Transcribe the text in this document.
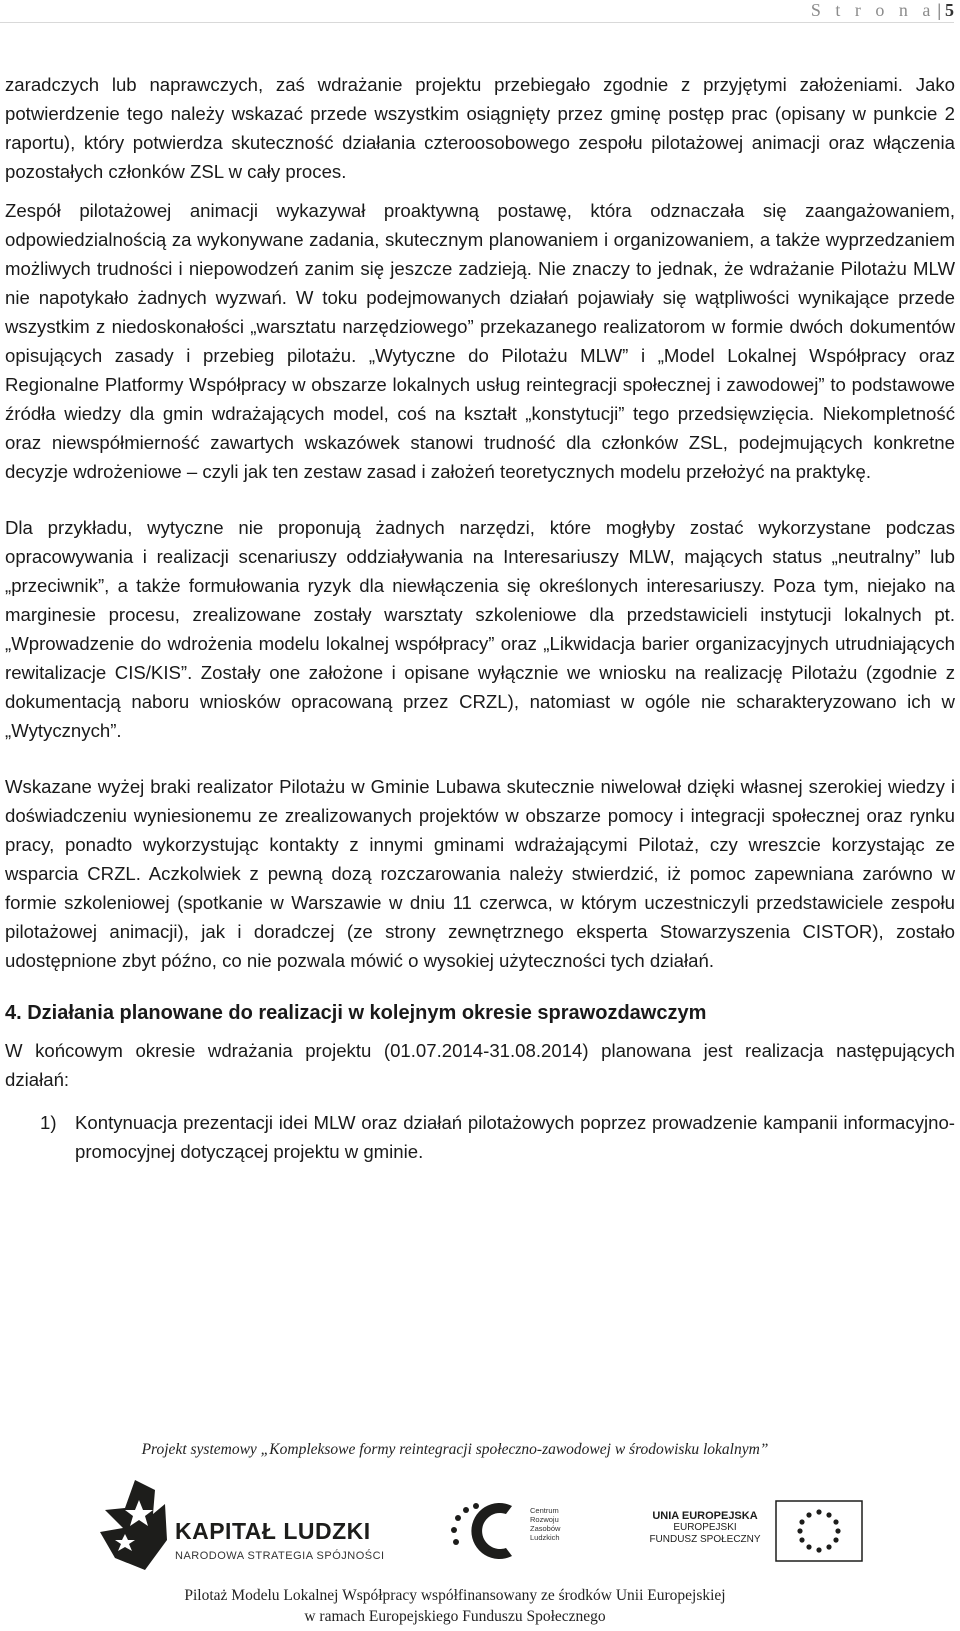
S t r o n a | 5

zaradczych lub naprawczych, zaś wdrażanie projektu przebiegało zgodnie z przyjętymi założeniami. Jako potwierdzenie tego należy wskazać przede wszystkim osiągnięty przez gminę postęp prac (opisany w punkcie 2 raportu), który potwierdza skuteczność działania czteroosobowego zespołu pilotażowej animacji oraz włączenia pozostałych członków ZSL w cały proces.

Zespół pilotażowej animacji wykazywał proaktywną postawę, która odznaczała się zaangażowaniem, odpowiedzialnością za wykonywane zadania, skutecznym planowaniem i organizowaniem, a także wyprzedzaniem możliwych trudności i niepowodzeń zanim się jeszcze zadzieją. Nie znaczy to jednak, że wdrażanie Pilotażu MLW nie napotykało żadnych wyzwań. W toku podejmowanych działań pojawiały się wątpliwości wynikające przede wszystkim z niedoskonałości „warsztatu narzędziowego” przekazanego realizatorom w formie dwóch dokumentów opisujących zasady i przebieg pilotażu. „Wytyczne do Pilotażu MLW” i „Model Lokalnej Współpracy oraz Regionalne Platformy Współpracy w obszarze lokalnych usług reintegracji społecznej i zawodowej” to podstawowe źródła wiedzy dla gmin wdrażających model, coś na kształt „konstytucji” tego przedsięwzięcia. Niekompletność oraz niewspółmierność zawartych wskazówek stanowi trudność dla członków ZSL, podejmujących konkretne decyzje wdrożeniowe – czyli jak ten zestaw zasad i założeń teoretycznych modelu przełożyć na praktykę.

Dla przykładu, wytyczne nie proponują żadnych narzędzi, które mogłyby zostać wykorzystane podczas opracowywania i realizacji scenariuszy oddziaływania na Interesariuszy MLW, mających status „neutralny” lub „przeciwnik”, a także formułowania ryzyk dla niewłączenia się określonych interesariuszy. Poza tym, niejako na marginesie procesu, zrealizowane zostały warsztaty szkoleniowe dla przedstawicieli instytucji lokalnych pt. „Wprowadzenie do wdrożenia modelu lokalnej współpracy” oraz „Likwidacja barier organizacyjnych utrudniających rewitalizacje CIS/KIS”. Zostały one założone i opisane wyłącznie we wniosku na realizację Pilotażu (zgodnie z dokumentacją naboru wniosków opracowaną przez CRZL), natomiast w ogóle nie scharakteryzowano ich w „Wytycznych”.

Wskazane wyżej braki realizator Pilotażu w Gminie Lubawa skutecznie niwelował dzięki własnej szerokiej wiedzy i doświadczeniu wyniesionemu ze zrealizowanych projektów w obszarze pomocy i integracji społecznej oraz rynku pracy, ponadto wykorzystując kontakty z innymi gminami wdrażającymi Pilotaż, czy wreszcie korzystając ze wsparcia CRZL. Aczkolwiek z pewną dozą rozczarowania należy stwierdzić, iż pomoc zapewniana zarówno w formie szkoleniowej (spotkanie w Warszawie w dniu 11 czerwca, w którym uczestniczyli przedstawiciele zespołu pilotażowej animacji), jak i doradczej (ze strony zewnętrznego eksperta Stowarzyszenia CISTOR), zostało udostępnione zbyt późno, co nie pozwala mówić o wysokiej użyteczności tych działań.

4. Działania planowane do realizacji w kolejnym okresie sprawozdawczym

W końcowym okresie wdrażania projektu (01.07.2014-31.08.2014) planowana jest realizacja następujących działań:

1) Kontynuacja prezentacji idei MLW oraz działań pilotażowych poprzez prowadzenie kampanii informacyjno-promocyjnej dotyczącej projektu w gminie.
Projekt systemowy „Kompleksowe formy reintegracji społeczno-zawodowej w środowisku lokalnym”
KAPITAŁ LUDZKI
NARODOWA STRATEGIA SPÓJNOŚCI
Centrum
Rozwoju
Zasobów
Ludzkich
UNIA EUROPEJSKA
EUROPEJSKI
FUNDUSZ SPOŁECZNY
Pilotaż Modelu Lokalnej Współpracy współfinansowany ze środków Unii Europejskiej
w ramach Europejskiego Funduszu Społecznego
